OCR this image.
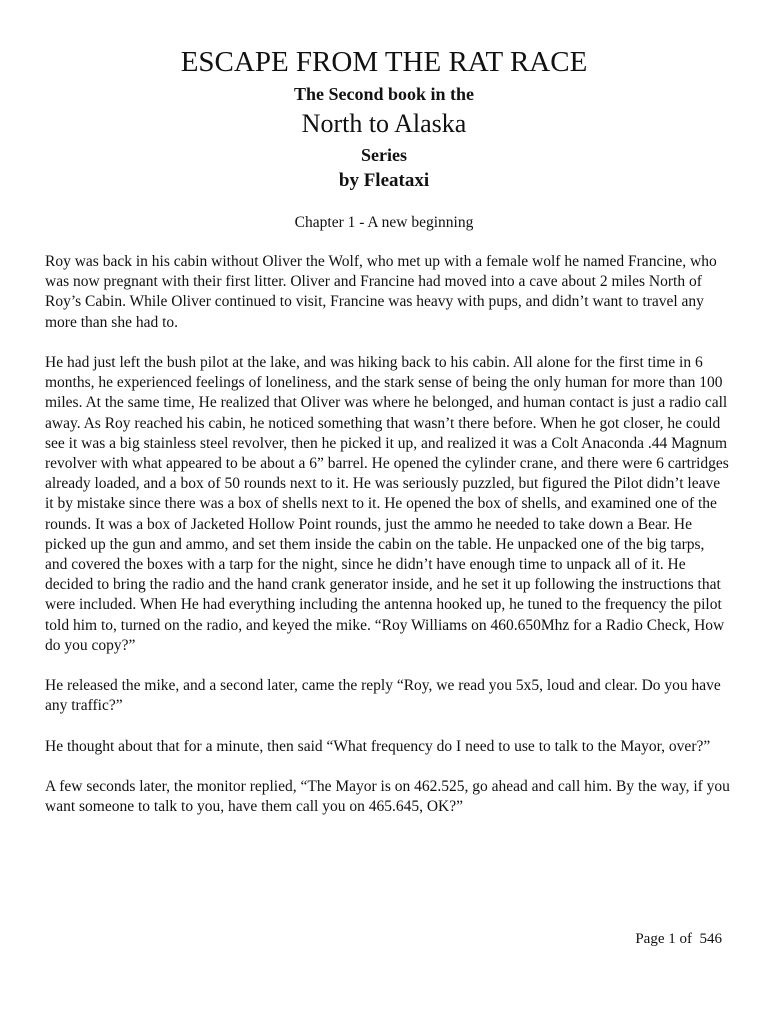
ESCAPE FROM THE RAT RACE
The Second book in the
North to Alaska
Series
by Fleataxi
Chapter 1 - A new beginning

Roy was back in his cabin without Oliver the Wolf, who met up with a female wolf he named Francine, who was now pregnant with their first litter. Oliver and Francine had moved into a cave about 2 miles North of Roy’s Cabin. While Oliver continued to visit, Francine was heavy with pups, and didn’t want to travel any more than she had to.

He had just left the bush pilot at the lake, and was hiking back to his cabin. All alone for the first time in 6 months, he experienced feelings of loneliness, and the stark sense of being the only human for more than 100 miles. At the same time, He realized that Oliver was where he belonged, and human contact is just a radio call away. As Roy reached his cabin, he noticed something that wasn’t there before. When he got closer, he could see it was a big stainless steel revolver, then he picked it up, and realized it was a Colt Anaconda .44 Magnum revolver with what appeared to be about a 6” barrel. He opened the cylinder crane, and there were 6 cartridges already loaded, and a box of 50 rounds next to it. He was seriously puzzled, but figured the Pilot didn’t leave it by mistake since there was a box of shells next to it. He opened the box of shells, and examined one of the rounds. It was a box of Jacketed Hollow Point rounds, just the ammo he needed to take down a Bear. He picked up the gun and ammo, and set them inside the cabin on the table. He unpacked one of the big tarps, and covered the boxes with a tarp for the night, since he didn’t have enough time to unpack all of it. He decided to bring the radio and the hand crank generator inside, and he set it up following the instructions that were included. When He had everything including the antenna hooked up, he tuned to the frequency the pilot told him to, turned on the radio, and keyed the mike. “Roy Williams on 460.650Mhz for a Radio Check, How do you copy?”

He released the mike, and a second later, came the reply “Roy, we read you 5x5, loud and clear. Do you have any traffic?”

He thought about that for a minute, then said “What frequency do I need to use to talk to the Mayor, over?”

A few seconds later, the monitor replied, “The Mayor is on 462.525, go ahead and call him. By the way, if you want someone to talk to you, have them call you on 465.645, OK?”

Page 1 of  546
